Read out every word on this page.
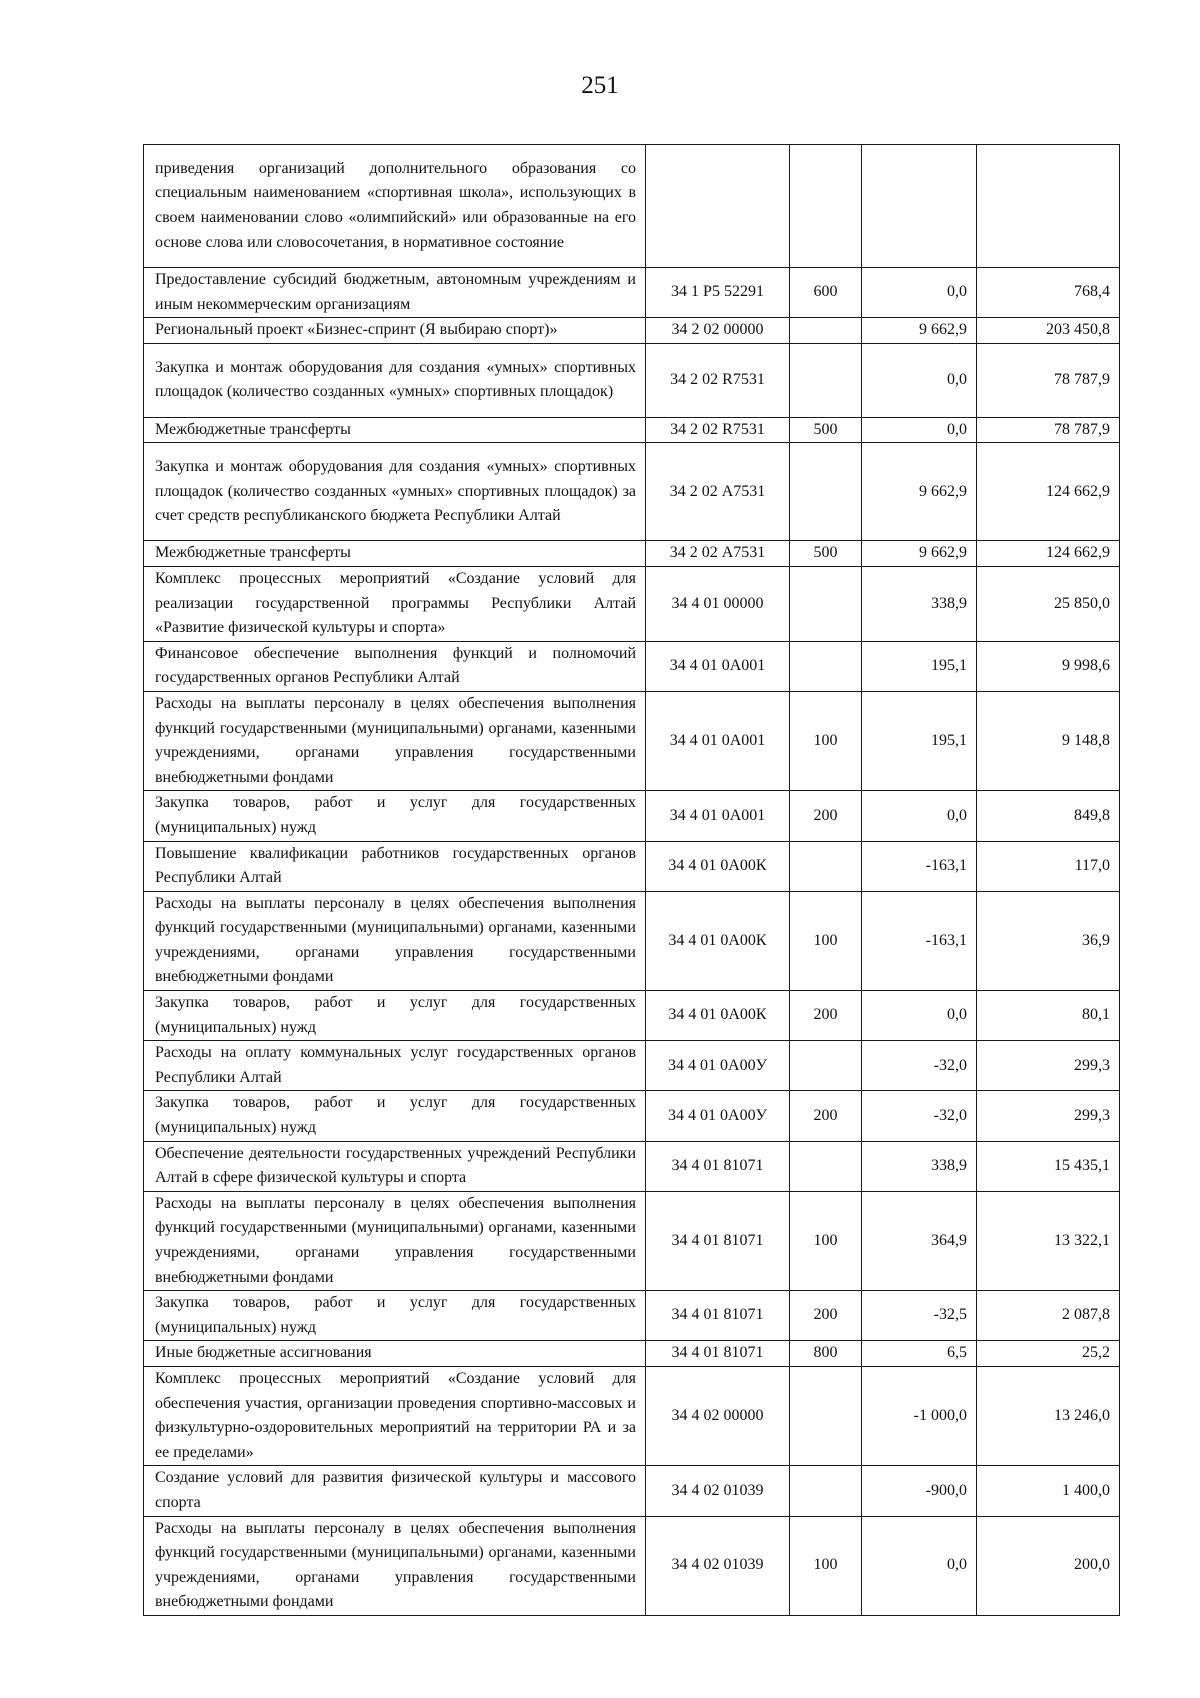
251
приведения организаций дополнительного образования со специальным наименованием «спортивная школа», использующих в своем наименовании слово «олимпийский» или образованные на его основе слова или словосочетания, в нормативное состояние				
Предоставление субсидий бюджетным, автономным учреждениям и иным некоммерческим организациям	34 1 Р5 52291	600	0,0	768,4
Региональный проект «Бизнес-спринт (Я выбираю спорт)»	34 2 02 00000		9 662,9	203 450,8
Закупка и монтаж оборудования для создания «умных» спортивных площадок (количество созданных «умных» спортивных площадок)	34 2 02 R7531		0,0	78 787,9
Межбюджетные трансферты	34 2 02 R7531	500	0,0	78 787,9
Закупка и монтаж оборудования для создания «умных» спортивных площадок (количество созданных «умных» спортивных площадок) за счет средств республиканского бюджета Республики Алтай	34 2 02 А7531		9 662,9	124 662,9
Межбюджетные трансферты	34 2 02 А7531	500	9 662,9	124 662,9
Комплекс процессных мероприятий «Создание условий для реализации государственной программы Республики Алтай «Развитие физической культуры и спорта»	34 4 01 00000		338,9	25 850,0
Финансовое обеспечение выполнения функций и полномочий государственных органов Республики Алтай	34 4 01 0А001		195,1	9 998,6
Расходы на выплаты персоналу в целях обеспечения выполнения функций государственными (муниципальными) органами, казенными учреждениями, органами управления государственными внебюджетными фондами	34 4 01 0А001	100	195,1	9 148,8
Закупка товаров, работ и услуг для государственных (муниципальных) нужд	34 4 01 0А001	200	0,0	849,8
Повышение квалификации работников государственных органов Республики Алтай	34 4 01 0А00К		-163,1	117,0
Расходы на выплаты персоналу в целях обеспечения выполнения функций государственными (муниципальными) органами, казенными учреждениями, органами управления государственными внебюджетными фондами	34 4 01 0А00К	100	-163,1	36,9
Закупка товаров, работ и услуг для государственных (муниципальных) нужд	34 4 01 0А00К	200	0,0	80,1
Расходы на оплату коммунальных услуг государственных органов Республики Алтай	34 4 01 0А00У		-32,0	299,3
Закупка товаров, работ и услуг для государственных (муниципальных) нужд	34 4 01 0А00У	200	-32,0	299,3
Обеспечение деятельности государственных учреждений Республики Алтай в сфере физической культуры и спорта	34 4 01 81071		338,9	15 435,1
Расходы на выплаты персоналу в целях обеспечения выполнения функций государственными (муниципальными) органами, казенными учреждениями, органами управления государственными внебюджетными фондами	34 4 01 81071	100	364,9	13 322,1
Закупка товаров, работ и услуг для государственных (муниципальных) нужд	34 4 01 81071	200	-32,5	2 087,8
Иные бюджетные ассигнования	34 4 01 81071	800	6,5	25,2
Комплекс процессных мероприятий «Создание условий для обеспечения участия, организации проведения спортивно-массовых и физкультурно-оздоровительных мероприятий на территории РА и за ее пределами»	34 4 02 00000		-1 000,0	13 246,0
Создание условий для развития физической культуры и массового спорта	34 4 02 01039		-900,0	1 400,0
Расходы на выплаты персоналу в целях обеспечения выполнения функций государственными (муниципальными) органами, казенными учреждениями, органами управления государственными внебюджетными фондами	34 4 02 01039	100	0,0	200,0
